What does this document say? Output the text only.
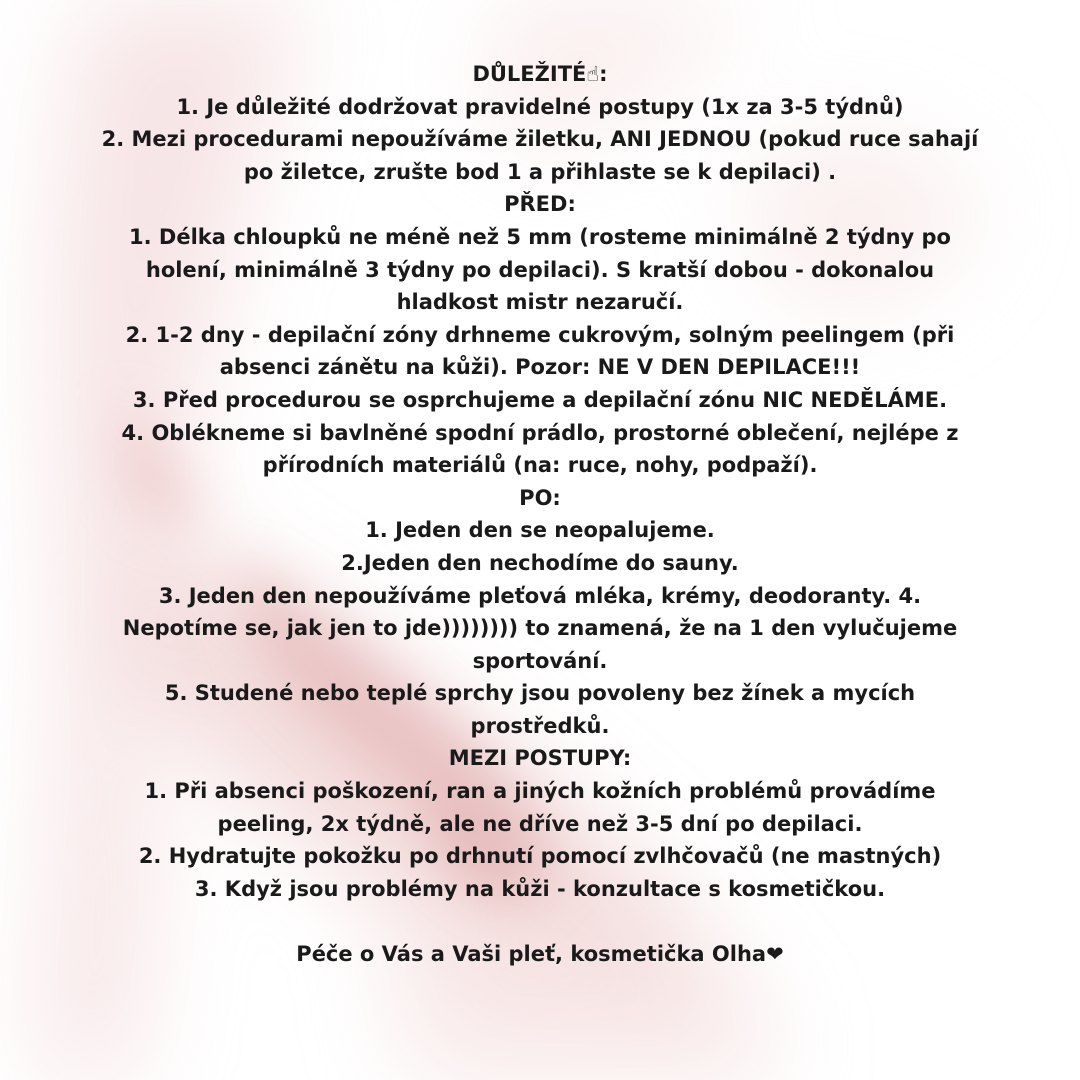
DŮLEŽITÉ☝:

1. Je důležité dodržovat pravidelné postupy (1x za 3-5 týdnů)

2. Mezi procedurami nepoužíváme žiletku, ANI JEDNOU (pokud ruce sahají po žiletce, zrušte bod 1 a přihlaste se k depilaci) .

PŘED:

1. Délka chloupků ne méně než 5 mm (rosteme minimálně 2 týdny po holení, minimálně 3 týdny po depilaci). S kratší dobou - dokonalou hladkost mistr nezaručí.

2. 1-2 dny - depilační zóny drhneme cukrovým, solným peelingem (při absenci zánětu na kůži). Pozor: NE V DEN DEPILACE!!!

3. Před procedurou se osprchujeme a depilační zónu NIC NEDĚLÁME.

4. Oblékneme si bavlněné spodní prádlo, prostorné oblečení, nejlépe z přírodních materiálů (na: ruce, nohy, podpaží).

PO:

1. Jeden den se neopalujeme.

2.Jeden den nechodíme do sauny.

3. Jeden den nepoužíváme pleťová mléka, krémy, deodoranty. 4. Nepotíme se, jak jen to jde)))))))) to znamená, že na 1 den vylučujeme sportování.

5. Studené nebo teplé sprchy jsou povoleny bez žínek a mycích prostředků.

MEZI POSTUPY:

1. Při absenci poškození, ran a jiných kožních problémů provádíme peeling, 2x týdně, ale ne dříve než 3-5 dní po depilaci.

2. Hydratujte pokožku po drhnutí pomocí zvlhčovačů (ne mastných)

3. Když jsou problémy na kůži - konzultace s kosmetičkou.

Péče o Vás a Vaši pleť, kosmetička Olha❤
